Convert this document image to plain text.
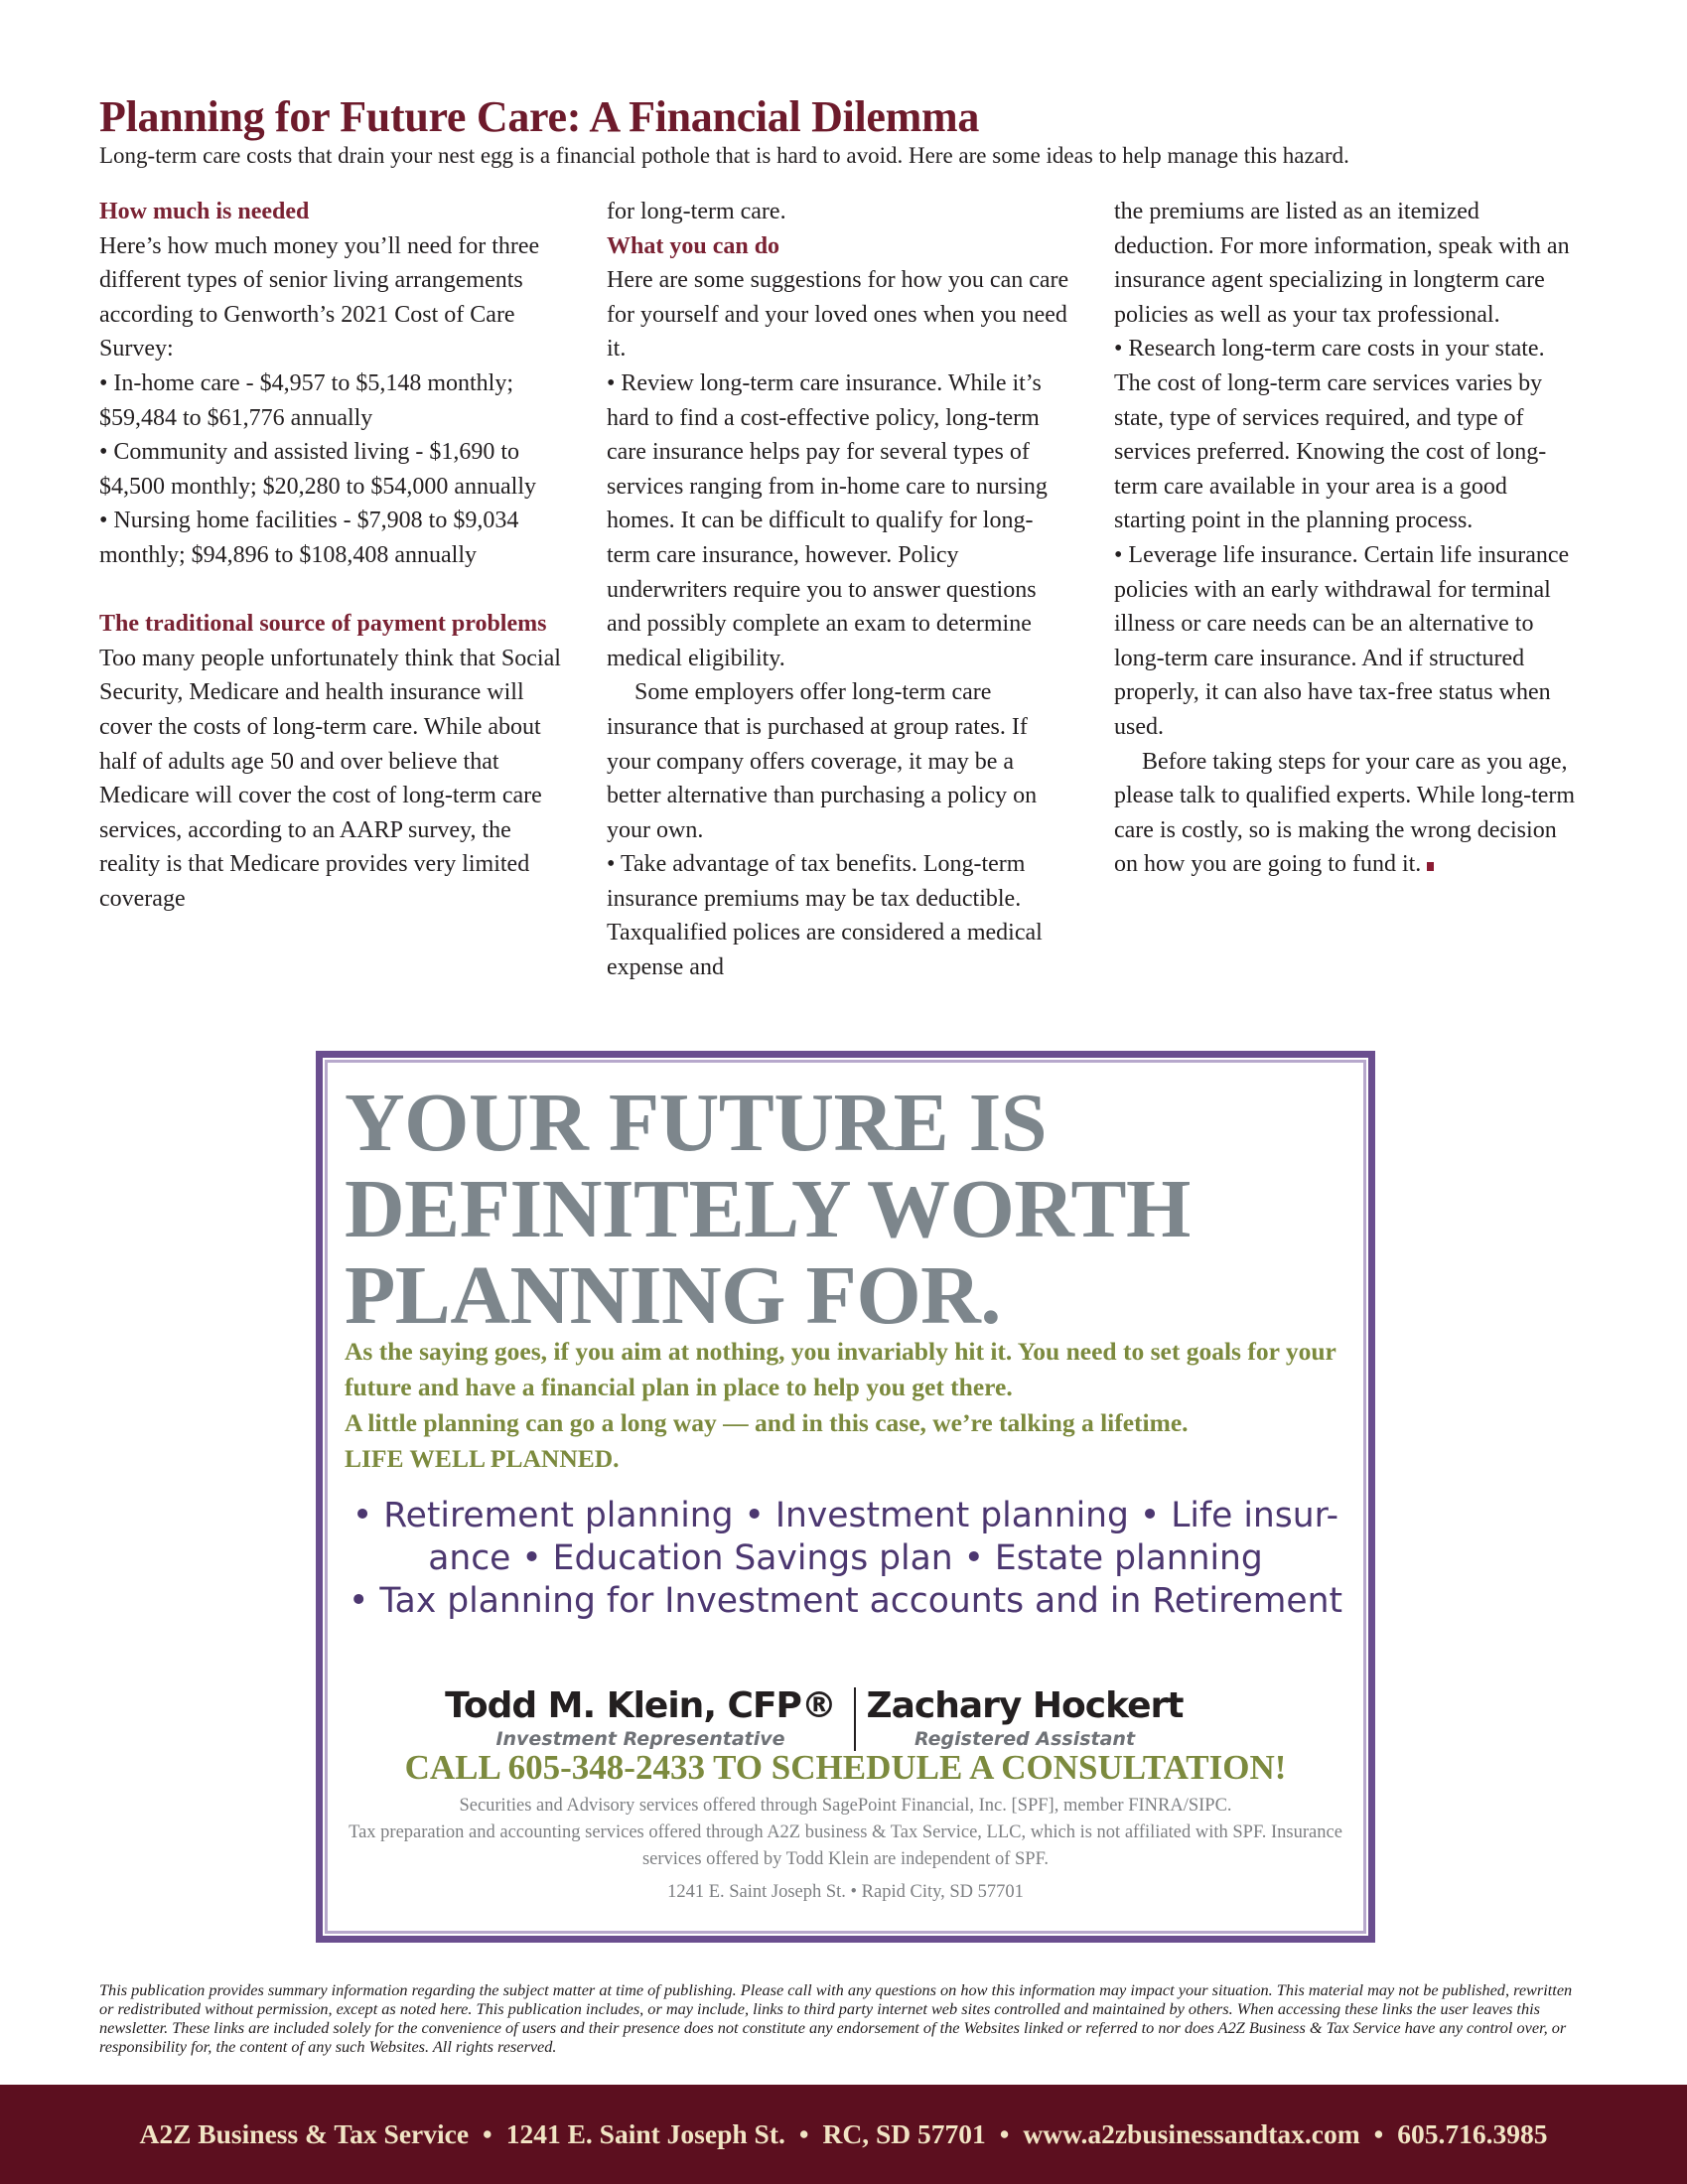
Planning for Future Care: A Financial Dilemma
Long-term care costs that drain your nest egg is a financial pothole that is hard to avoid. Here are some ideas to help manage this hazard.

How much is needed

Here’s how much money you’ll need for three different types of senior living arrangements according to Genworth’s 2021 Cost of Care Survey:

• In-home care - $4,957 to $5,148 monthly; $59,484 to $61,776 annually

• Community and assisted living - $1,690 to $4,500 monthly; $20,280 to $54,000 annually

• Nursing home facilities - $7,908 to $9,034 monthly; $94,896 to $108,408 annually

The traditional source of payment problems

Too many people unfortunately think that Social Security, Medicare and health insurance will cover the costs of long-term care. While about half of adults age 50 and over believe that Medicare will cover the cost of long-term care services, according to an AARP survey, the reality is that Medicare provides very limited coverage

for long-term care.

What you can do

Here are some suggestions for how you can care for yourself and your loved ones when you need it.

• Review long-term care insurance. While it’s hard to find a cost-effective policy, long-term care insurance helps pay for several types of services ranging from in-home care to nursing homes. It can be difficult to qualify for long-term care insurance, however. Policy underwriters require you to answer questions and possibly complete an exam to determine medical eligibility.

Some employers offer long-term care insurance that is purchased at group rates. If your company offers coverage, it may be a better alternative than purchasing a policy on your own.

• Take advantage of tax benefits. Long-term insurance premiums may be tax deductible. Taxqualified polices are considered a medical expense and

the premiums are listed as an itemized deduction. For more information, speak with an insurance agent specializing in longterm care policies as well as your tax professional.

• Research long-term care costs in your state. The cost of long-term care services varies by state, type of services required, and type of services preferred. Knowing the cost of long-term care available in your area is a good starting point in the planning process.

• Leverage life insurance. Certain life insurance policies with an early withdrawal for terminal illness or care needs can be an alternative to long-term care insurance. And if structured properly, it can also have tax-free status when used.

Before taking steps for your care as you age, please talk to qualified experts. While long-term care is costly, so is making the wrong decision on how you are going to fund it.

YOUR FUTURE IS
DEFINITELY WORTH
PLANNING FOR.

As the saying goes, if you aim at nothing, you invariably hit it. You need to set goals for your future and have a financial plan in place to help you get there.

A little planning can go a long way — and in this case, we’re talking a lifetime.

LIFE WELL PLANNED.

• Retirement planning • Investment planning • Life insur-

ance • Education Savings plan • Estate planning

• Tax planning for Investment accounts and in Retirement

Todd M. Klein, CFP®
Investment Representative
Zachary Hockert
Registered Assistant
CALL 605-348-2433 TO SCHEDULE A CONSULTATION!

Securities and Advisory services offered through SagePoint Financial, Inc. [SPF], member FINRA/SIPC.

Tax preparation and accounting services offered through A2Z business & Tax Service, LLC, which is not affiliated with SPF. Insurance services offered by Todd Klein are independent of SPF.

1241 E. Saint Joseph St. • Rapid City, SD 57701
This publication provides summary information regarding the subject matter at time of publishing. Please call with any questions on how this information may impact your situation. This material may not be published, rewritten or redistributed without permission, except as noted here. This publication includes, or may include, links to third party internet web sites controlled and maintained by others. When accessing these links the user leaves this newsletter. These links are included solely for the convenience of users and their presence does not constitute any endorsement of the Websites linked or referred to nor does A2Z Business & Tax Service have any control over, or responsibility for, the content of any such Websites. All rights reserved.
A2Z Business & Tax Service • 1241 E. Saint Joseph St. • RC, SD 57701 • www.a2zbusinessandtax.com • 605.716.3985
